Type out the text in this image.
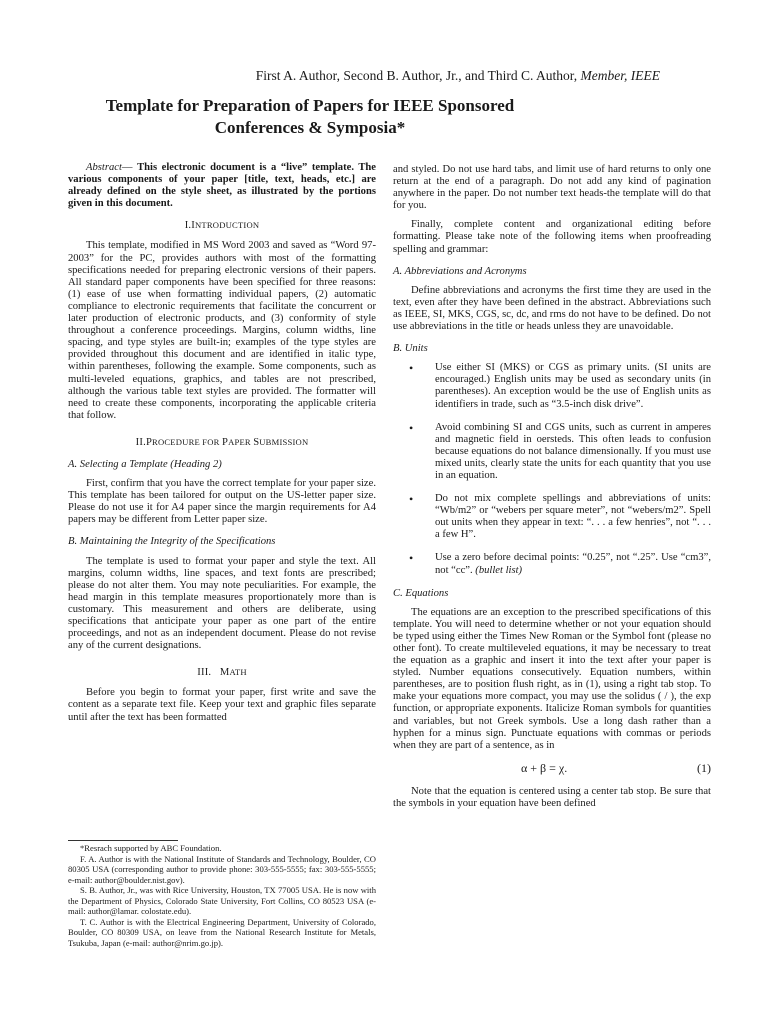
First A. Author, Second B. Author, Jr., and Third C. Author, Member, IEEE
Template for Preparation of Papers for IEEE Sponsored
Conferences & Symposia*

Abstract— This electronic document is a “live” template. The various components of your paper [title, text, heads, etc.] are already defined on the style sheet, as illustrated by the portions given in this document.

I.INTRODUCTION

This template, modified in MS Word 2003 and saved as “Word 97-2003” for the PC, provides authors with most of the formatting specifications needed for preparing electronic versions of their papers. All standard paper components have been specified for three reasons: (1) ease of use when formatting individual papers, (2) automatic compliance to electronic requirements that facilitate the concurrent or later production of electronic products, and (3) conformity of style throughout a conference proceedings. Margins, column widths, line spacing, and type styles are built-in; examples of the type styles are provided throughout this document and are identified in italic type, within parentheses, following the example. Some components, such as multi-leveled equations, graphics, and tables are not prescribed, although the various table text styles are provided. The formatter will need to create these components, incorporating the applicable criteria that follow.

II.PROCEDURE FOR PAPER SUBMISSION
A. Selecting a Template (Heading 2)

First, confirm that you have the correct template for your paper size. This template has been tailored for output on the US-letter paper size. Please do not use it for A4 paper since the margin requirements for A4 papers may be different from Letter paper size.

B. Maintaining the Integrity of the Specifications

The template is used to format your paper and style the text. All margins, column widths, line spaces, and text fonts are prescribed; please do not alter them. You may note peculiarities. For example, the head margin in this template measures proportionately more than is customary. This measurement and others are deliberate, using specifications that anticipate your paper as one part of the entire proceedings, and not as an independent document. Please do not revise any of the current designations.

III. MATH

Before you begin to format your paper, first write and save the content as a separate text file. Keep your text and graphic files separate until after the text has been formatted

*Resrach supported by ABC Foundation.

F. A. Author is with the National Institute of Standards and Technology, Boulder, CO 80305 USA (corresponding author to provide phone: 303-555-5555; fax: 303-555-5555; e-mail: author@boulder.nist.gov).

S. B. Author, Jr., was with Rice University, Houston, TX 77005 USA. He is now with the Department of Physics, Colorado State University, Fort Collins, CO 80523 USA (e-mail: author@lamar. colostate.edu).

T. C. Author is with the Electrical Engineering Department, University of Colorado, Boulder, CO 80309 USA, on leave from the National Research Institute for Metals, Tsukuba, Japan (e-mail: author@nrim.go.jp).

and styled. Do not use hard tabs, and limit use of hard returns to only one return at the end of a paragraph. Do not add any kind of pagination anywhere in the paper. Do not number text heads-the template will do that for you.

Finally, complete content and organizational editing before formatting. Please take note of the following items when proofreading spelling and grammar:

A. Abbreviations and Acronyms

Define abbreviations and acronyms the first time they are used in the text, even after they have been defined in the abstract. Abbreviations such as IEEE, SI, MKS, CGS, sc, dc, and rms do not have to be defined. Do not use abbreviations in the title or heads unless they are unavoidable.

B. Units
• Use either SI (MKS) or CGS as primary units. (SI units are encouraged.) English units may be used as secondary units (in parentheses). An exception would be the use of English units as identifiers in trade, such as “3.5-inch disk drive”.
• Avoid combining SI and CGS units, such as current in amperes and magnetic field in oersteds. This often leads to confusion because equations do not balance dimensionally. If you must use mixed units, clearly state the units for each quantity that you use in an equation.
• Do not mix complete spellings and abbreviations of units: “Wb/m2” or “webers per square meter”, not “webers/m2”. Spell out units when they appear in text: “. . . a few henries”, not “. . . a few H”.
• Use a zero before decimal points: “0.25”, not “.25”. Use “cm3”, not “cc”. (bullet list)
C. Equations

The equations are an exception to the prescribed specifications of this template. You will need to determine whether or not your equation should be typed using either the Times New Roman or the Symbol font (please no other font). To create multileveled equations, it may be necessary to treat the equation as a graphic and insert it into the text after your paper is styled. Number equations consecutively. Equation numbers, within parentheses, are to position flush right, as in (1), using a right tab stop. To make your equations more compact, you may use the solidus ( / ), the exp function, or appropriate exponents. Italicize Roman symbols for quantities and variables, but not Greek symbols. Use a long dash rather than a hyphen for a minus sign. Punctuate equations with commas or periods when they are part of a sentence, as in

α + β = χ.	(1)

Note that the equation is centered using a center tab stop. Be sure that the symbols in your equation have been defined
